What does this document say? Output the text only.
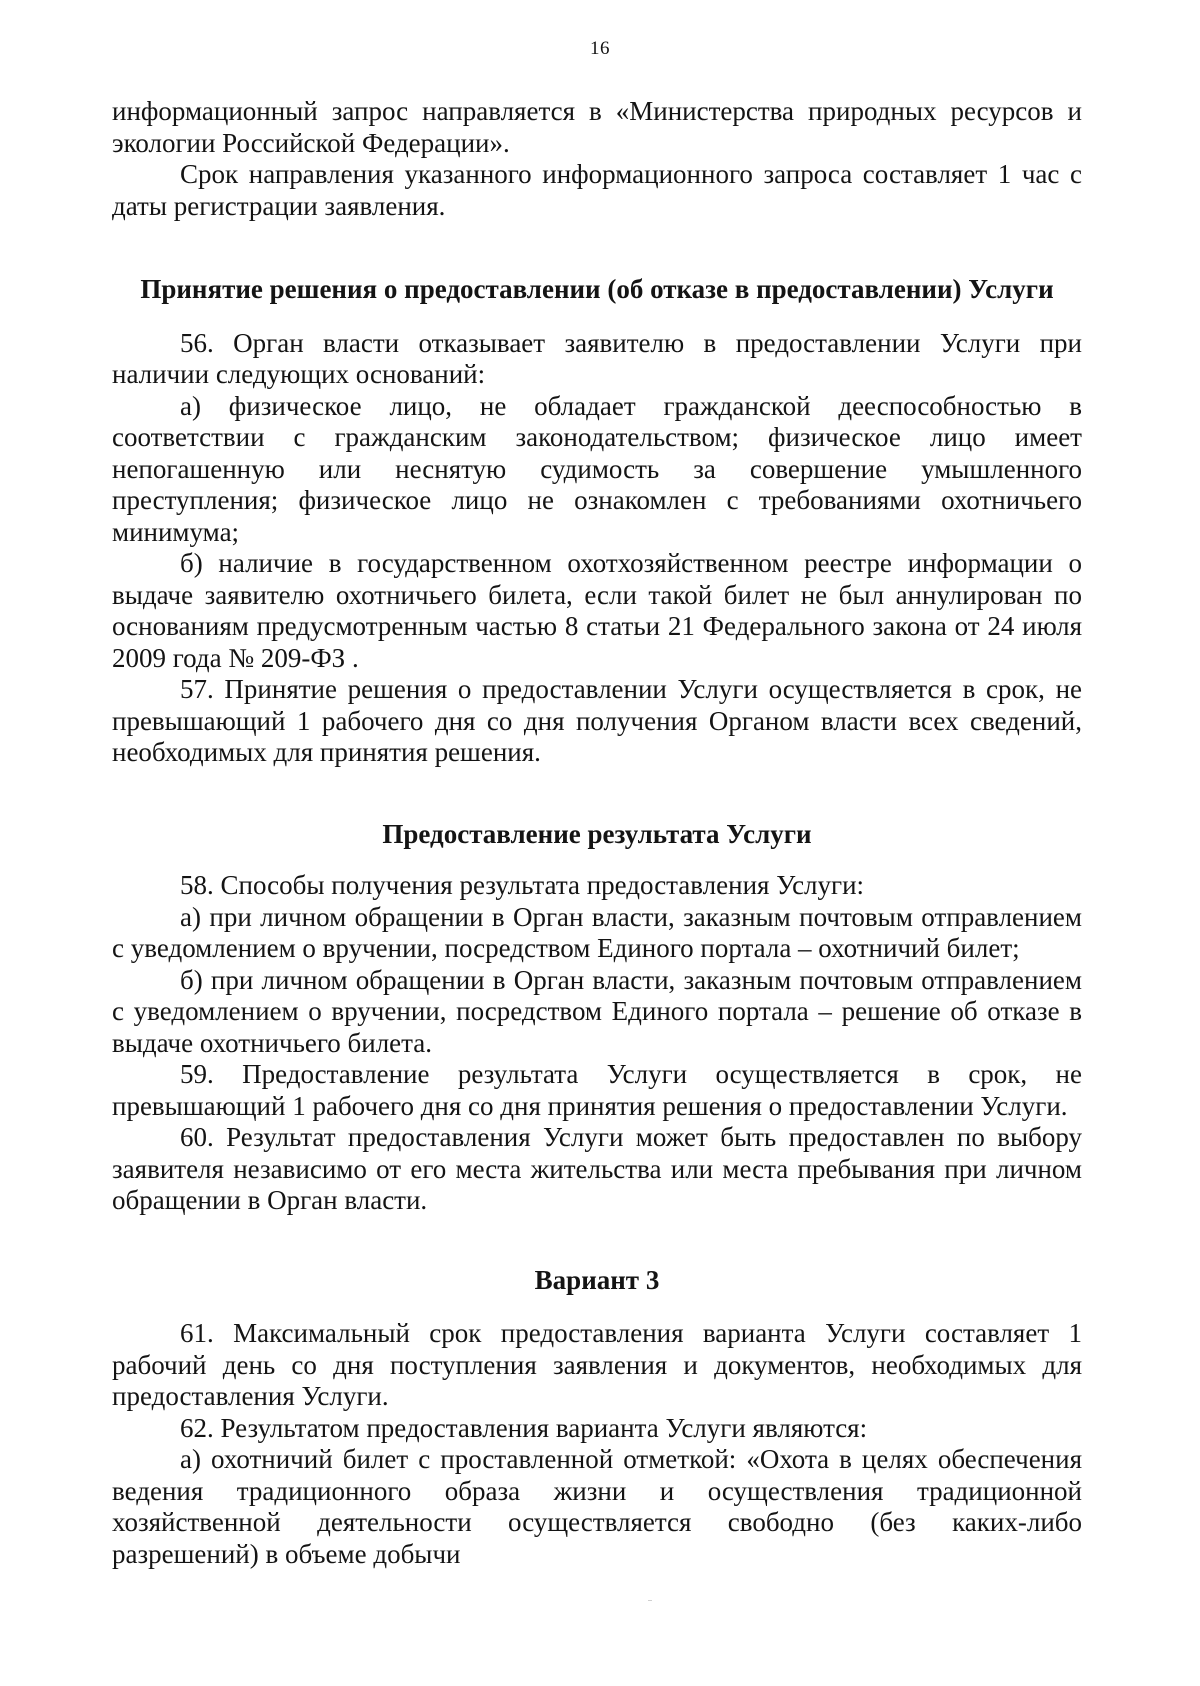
16

информационный запрос направляется в «Министерства природных ресурсов и экологии Российской Федерации».

Срок направления указанного информационного запроса составляет 1 час с даты регистрации заявления.

Принятие решения о предоставлении (об отказе в предоставлении) Услуги

56. Орган власти отказывает заявителю в предоставлении Услуги при наличии следующих оснований:

а) физическое лицо, не обладает гражданской дееспособностью в соответствии с гражданским законодательством; физическое лицо имеет непогашенную или неснятую судимость за совершение умышленного преступления; физическое лицо не ознакомлен с требованиями охотничьего минимума;

б) наличие в государственном охотхозяйственном реестре информации о выдаче заявителю охотничьего билета, если такой билет не был аннулирован по основаниям предусмотренным частью 8 статьи 21 Федерального закона от 24 июля 2009 года № 209-ФЗ .

57. Принятие решения о предоставлении Услуги осуществляется в срок, не превышающий 1 рабочего дня со дня получения Органом власти всех сведений, необходимых для принятия решения.

Предоставление результата Услуги

58. Способы получения результата предоставления Услуги:

а) при личном обращении в Орган власти, заказным почтовым отправлением с уведомлением о вручении, посредством Единого портала – охотничий билет;

б) при личном обращении в Орган власти, заказным почтовым отправлением с уведомлением о вручении, посредством Единого портала – решение об отказе в выдаче охотничьего билета.

59. Предоставление результата Услуги осуществляется в срок, не превышающий 1 рабочего дня со дня принятия решения о предоставлении Услуги.

60. Результат предоставления Услуги может быть предоставлен по выбору заявителя независимо от его места жительства или места пребывания при личном обращении в Орган власти.

Вариант 3

61. Максимальный срок предоставления варианта Услуги составляет 1 рабочий день со дня поступления заявления и документов, необходимых для предоставления Услуги.

62. Результатом предоставления варианта Услуги являются:

а) охотничий билет с проставленной отметкой: «Охота в целях обеспечения ведения традиционного образа жизни и осуществления традиционной хозяйственной деятельности осуществляется свободно (без каких-либо разрешений) в объеме добычи
